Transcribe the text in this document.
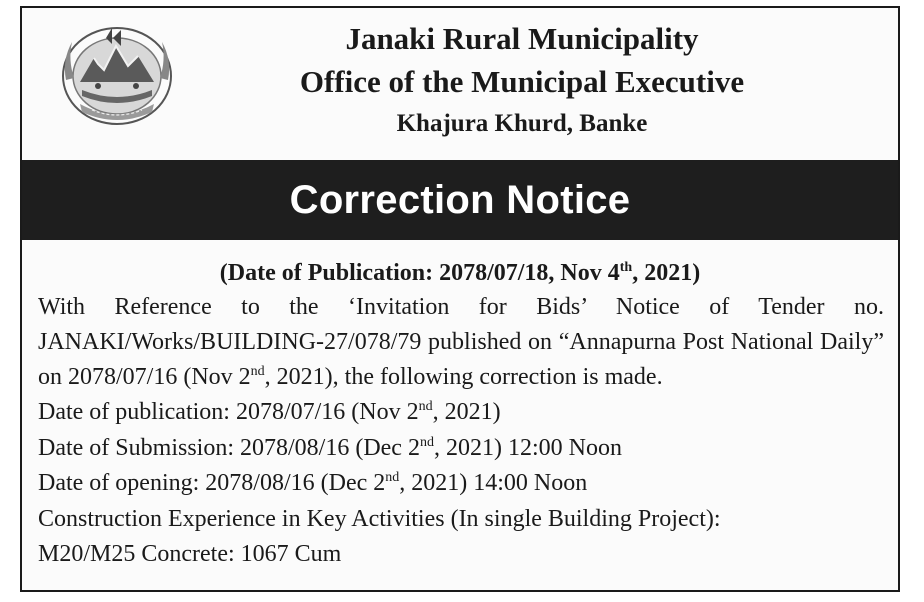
Janaki Rural Municipality
Office of the Municipal Executive
Khajura Khurd, Banke
Correction Notice
(Date of Publication: 2078/07/18, Nov 4th, 2021)
With Reference to the ‘Invitation for Bids’ Notice of Tender no. JANAKI/Works/BUILDING-27/078/79 published on “Annapurna Post National Daily” on 2078/07/16 (Nov 2nd, 2021), the following correction is made.
Date of publication: 2078/07/16 (Nov 2nd, 2021)
Date of Submission: 2078/08/16 (Dec 2nd, 2021) 12:00 Noon
Date of opening: 2078/08/16 (Dec 2nd, 2021) 14:00 Noon
Construction Experience in Key Activities (In single Building Project):
M20/M25 Concrete: 1067 Cum
